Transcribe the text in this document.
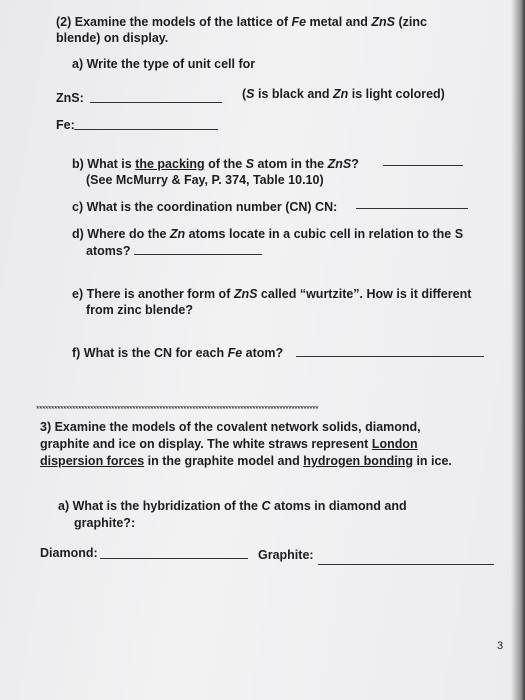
(2) Examine the models of the lattice of Fe metal and ZnS (zinc
blende) on display.
a) Write the type of unit cell for
ZnS:	(S is black and Zn is light colored)
Fe:
b) What is the packing of the S atom in the ZnS?
(See McMurry & Fay, P. 374, Table 10.10)
c) What is the coordination number (CN) CN:
d) Where do the Zn atoms locate in a cubic cell in relation to the S
atoms?
e) There is another form of ZnS called “wurtzite”. How is it different
from zinc blende?
f) What is the CN for each Fe atom?
**********************************************************************************************
3) Examine the models of the covalent network solids, diamond,
graphite and ice on display. The white straws represent London
dispersion forces in the graphite model and hydrogen bonding in ice.
a) What is the hybridization of the C atoms in diamond and
graphite?:
Diamond:	Graphite:
3
